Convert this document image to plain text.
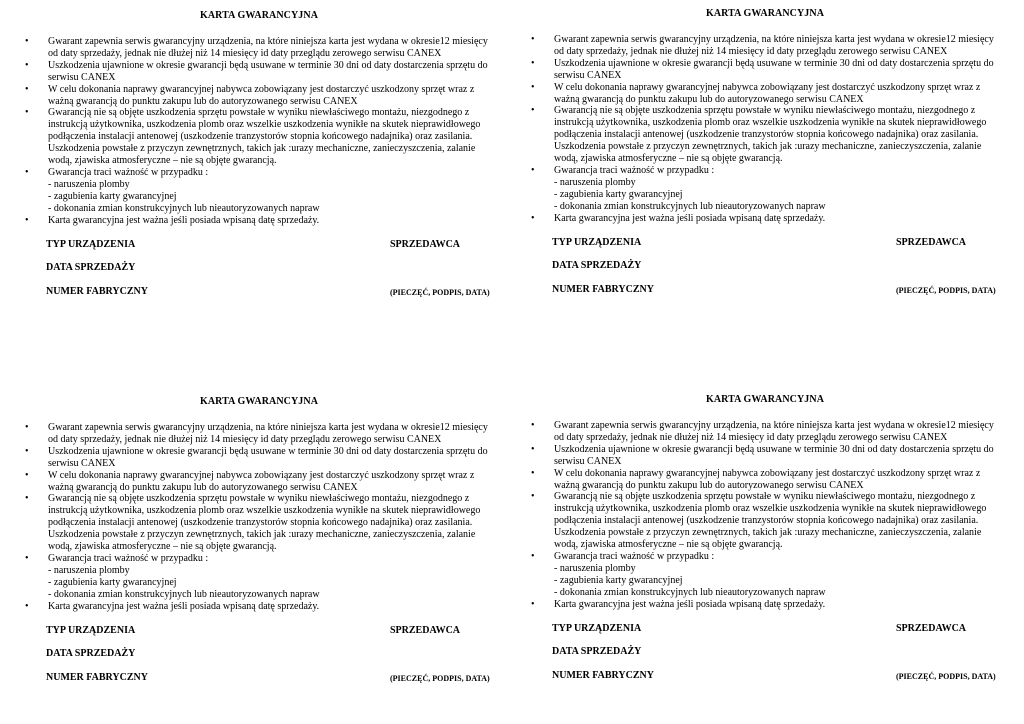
KARTA GWARANCYJNA
• Gwarant zapewnia serwis gwarancyjny urządzenia, na które niniejsza karta jest wydana w okresie12 miesięcy
od daty sprzedaży, jednak nie dłużej niż 14 miesięcy id daty przeglądu zerowego serwisu CANEX
• Uszkodzenia ujawnione w okresie gwarancji będą usuwane w terminie 30 dni od daty dostarczenia sprzętu do
serwisu CANEX
• W celu dokonania naprawy gwarancyjnej nabywca zobowiązany jest dostarczyć uszkodzony sprzęt wraz z
ważną gwarancją do punktu zakupu lub do autoryzowanego serwisu CANEX
• Gwarancją nie są objęte uszkodzenia sprzętu powstałe w wyniku niewłaściwego montażu, niezgodnego z
instrukcją użytkownika, uszkodzenia plomb oraz wszelkie uszkodzenia wynikłe na skutek nieprawidłowego
podłączenia instalacji antenowej (uszkodzenie tranzystorów stopnia końcowego nadajnika) oraz zasilania.
Uszkodzenia powstałe z przyczyn zewnętrznych, takich jak :urazy mechaniczne, zanieczyszczenia, zalanie
wodą, zjawiska atmosferyczne – nie są objęte gwarancją.
• Gwarancja traci ważność w przypadku :
- naruszenia plomby
- zagubienia karty gwarancyjnej
- dokonania zmian konstrukcyjnych lub nieautoryzowanych napraw
• Karta gwarancyjna jest ważna jeśli posiada wpisaną datę sprzedaży.
TYP URZĄDZENIA
DATA SPRZEDAŻY
NUMER FABRYCZNY
SPRZEDAWCA
(PIECZĘĆ, PODPIS, DATA)
KARTA GWARANCYJNA
• Gwarant zapewnia serwis gwarancyjny urządzenia, na które niniejsza karta jest wydana w okresie12 miesięcy
od daty sprzedaży, jednak nie dłużej niż 14 miesięcy id daty przeglądu zerowego serwisu CANEX
• Uszkodzenia ujawnione w okresie gwarancji będą usuwane w terminie 30 dni od daty dostarczenia sprzętu do
serwisu CANEX
• W celu dokonania naprawy gwarancyjnej nabywca zobowiązany jest dostarczyć uszkodzony sprzęt wraz z
ważną gwarancją do punktu zakupu lub do autoryzowanego serwisu CANEX
• Gwarancją nie są objęte uszkodzenia sprzętu powstałe w wyniku niewłaściwego montażu, niezgodnego z
instrukcją użytkownika, uszkodzenia plomb oraz wszelkie uszkodzenia wynikłe na skutek nieprawidłowego
podłączenia instalacji antenowej (uszkodzenie tranzystorów stopnia końcowego nadajnika) oraz zasilania.
Uszkodzenia powstałe z przyczyn zewnętrznych, takich jak :urazy mechaniczne, zanieczyszczenia, zalanie
wodą, zjawiska atmosferyczne – nie są objęte gwarancją.
• Gwarancja traci ważność w przypadku :
- naruszenia plomby
- zagubienia karty gwarancyjnej
- dokonania zmian konstrukcyjnych lub nieautoryzowanych napraw
• Karta gwarancyjna jest ważna jeśli posiada wpisaną datę sprzedaży.
TYP URZĄDZENIA
DATA SPRZEDAŻY
NUMER FABRYCZNY
SPRZEDAWCA
(PIECZĘĆ, PODPIS, DATA)
KARTA GWARANCYJNA
• Gwarant zapewnia serwis gwarancyjny urządzenia, na które niniejsza karta jest wydana w okresie12 miesięcy
od daty sprzedaży, jednak nie dłużej niż 14 miesięcy id daty przeglądu zerowego serwisu CANEX
• Uszkodzenia ujawnione w okresie gwarancji będą usuwane w terminie 30 dni od daty dostarczenia sprzętu do
serwisu CANEX
• W celu dokonania naprawy gwarancyjnej nabywca zobowiązany jest dostarczyć uszkodzony sprzęt wraz z
ważną gwarancją do punktu zakupu lub do autoryzowanego serwisu CANEX
• Gwarancją nie są objęte uszkodzenia sprzętu powstałe w wyniku niewłaściwego montażu, niezgodnego z
instrukcją użytkownika, uszkodzenia plomb oraz wszelkie uszkodzenia wynikłe na skutek nieprawidłowego
podłączenia instalacji antenowej (uszkodzenie tranzystorów stopnia końcowego nadajnika) oraz zasilania.
Uszkodzenia powstałe z przyczyn zewnętrznych, takich jak :urazy mechaniczne, zanieczyszczenia, zalanie
wodą, zjawiska atmosferyczne – nie są objęte gwarancją.
• Gwarancja traci ważność w przypadku :
- naruszenia plomby
- zagubienia karty gwarancyjnej
- dokonania zmian konstrukcyjnych lub nieautoryzowanych napraw
• Karta gwarancyjna jest ważna jeśli posiada wpisaną datę sprzedaży.
TYP URZĄDZENIA
DATA SPRZEDAŻY
NUMER FABRYCZNY
SPRZEDAWCA
(PIECZĘĆ, PODPIS, DATA)
KARTA GWARANCYJNA
• Gwarant zapewnia serwis gwarancyjny urządzenia, na które niniejsza karta jest wydana w okresie12 miesięcy
od daty sprzedaży, jednak nie dłużej niż 14 miesięcy id daty przeglądu zerowego serwisu CANEX
• Uszkodzenia ujawnione w okresie gwarancji będą usuwane w terminie 30 dni od daty dostarczenia sprzętu do
serwisu CANEX
• W celu dokonania naprawy gwarancyjnej nabywca zobowiązany jest dostarczyć uszkodzony sprzęt wraz z
ważną gwarancją do punktu zakupu lub do autoryzowanego serwisu CANEX
• Gwarancją nie są objęte uszkodzenia sprzętu powstałe w wyniku niewłaściwego montażu, niezgodnego z
instrukcją użytkownika, uszkodzenia plomb oraz wszelkie uszkodzenia wynikłe na skutek nieprawidłowego
podłączenia instalacji antenowej (uszkodzenie tranzystorów stopnia końcowego nadajnika) oraz zasilania.
Uszkodzenia powstałe z przyczyn zewnętrznych, takich jak :urazy mechaniczne, zanieczyszczenia, zalanie
wodą, zjawiska atmosferyczne – nie są objęte gwarancją.
• Gwarancja traci ważność w przypadku :
- naruszenia plomby
- zagubienia karty gwarancyjnej
- dokonania zmian konstrukcyjnych lub nieautoryzowanych napraw
• Karta gwarancyjna jest ważna jeśli posiada wpisaną datę sprzedaży.
TYP URZĄDZENIA
DATA SPRZEDAŻY
NUMER FABRYCZNY
SPRZEDAWCA
(PIECZĘĆ, PODPIS, DATA)
